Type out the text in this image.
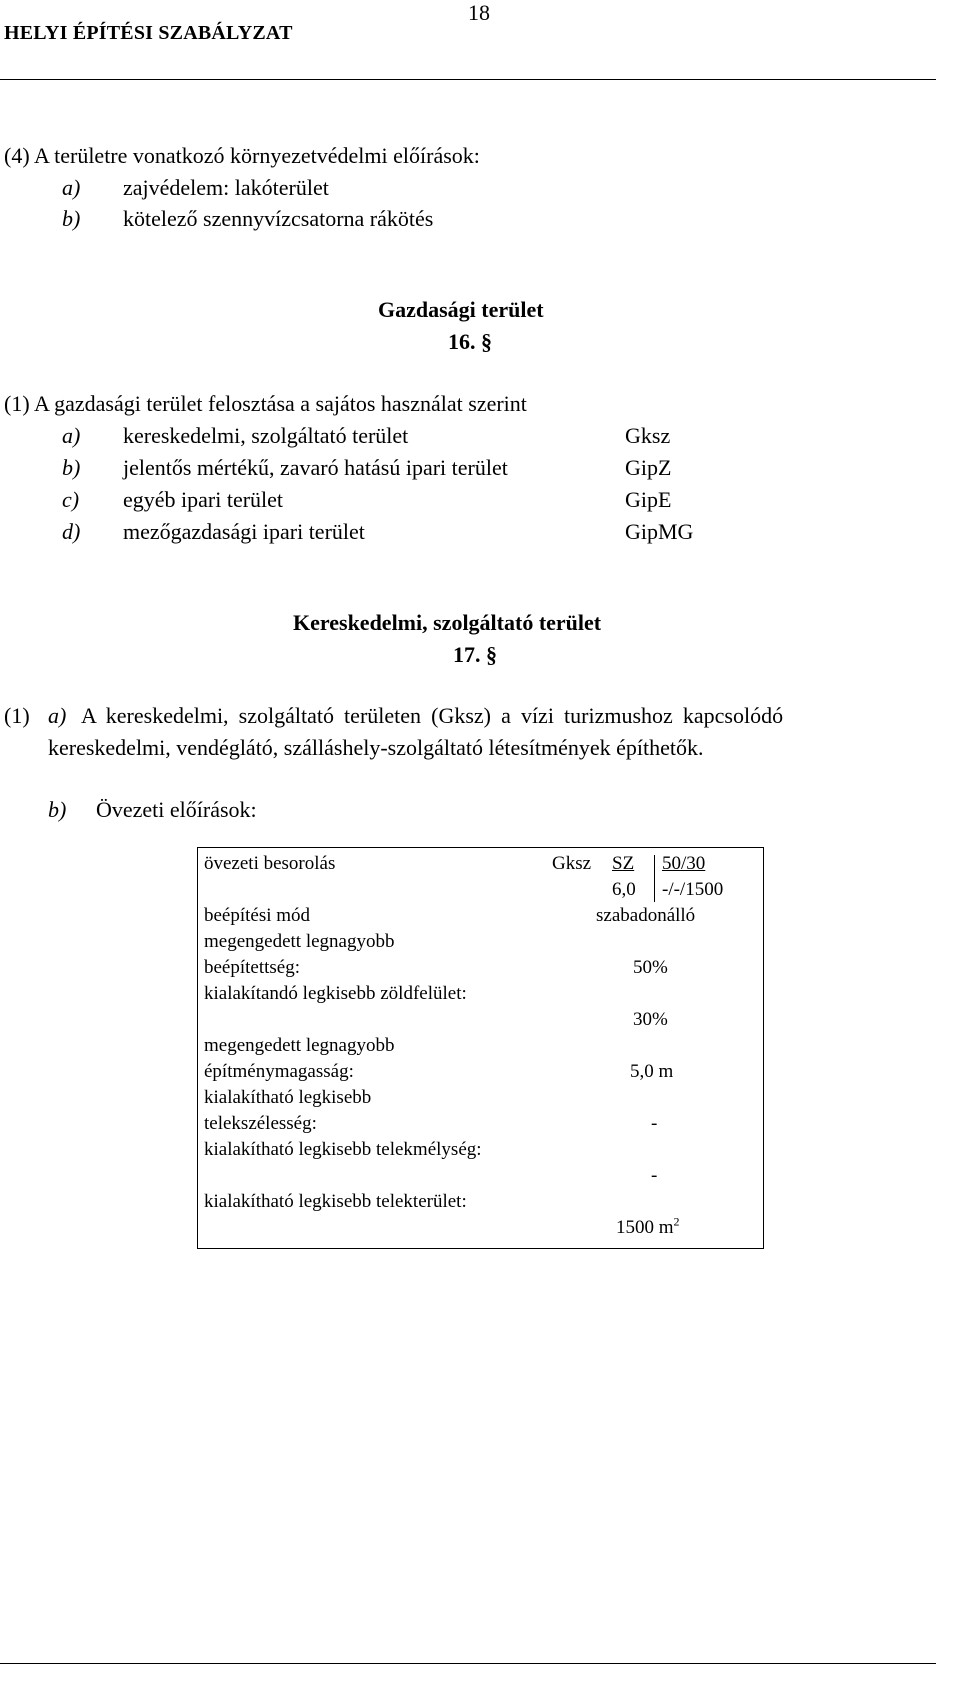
18
HELYI ÉPÍTÉSI SZABÁLYZAT
(4) A területre vonatkozó környezetvédelmi előírások:
a) zajvédelem: lakóterület
b) kötelező szennyvízcsatorna rákötés
Gazdasági terület
16. §
(1) A gazdasági terület felosztása a sajátos használat szerint
a) kereskedelmi, szolgáltató terület	Gksz
b) jelentős mértékű, zavaró hatású ipari terület	GipZ
c) egyéb ipari terület	GipE
d) mezőgazdasági ipari terület	GipMG
Kereskedelmi, szolgáltató terület
17. §
(1) a) A kereskedelmi, szolgáltató területen (Gksz) a vízi turizmushoz kapcsolódó
kereskedelmi, vendéglátó, szálláshely-szolgáltató létesítmények építhetők.
b) Övezeti előírások:
övezeti besorolás	Gksz SZ 50/30
6,0 -/-/1500
beépítési mód	szabadonálló
megengedett legnagyobb
beépítettség:	50%
kialakítandó legkisebb zöldfelület:
30%
megengedett legnagyobb
építménymagasság:	5,0 m
kialakítható legkisebb
telekszélesség:	-
kialakítható legkisebb telekmélység:
-
kialakítható legkisebb telekterület:
1500 $m^2$
